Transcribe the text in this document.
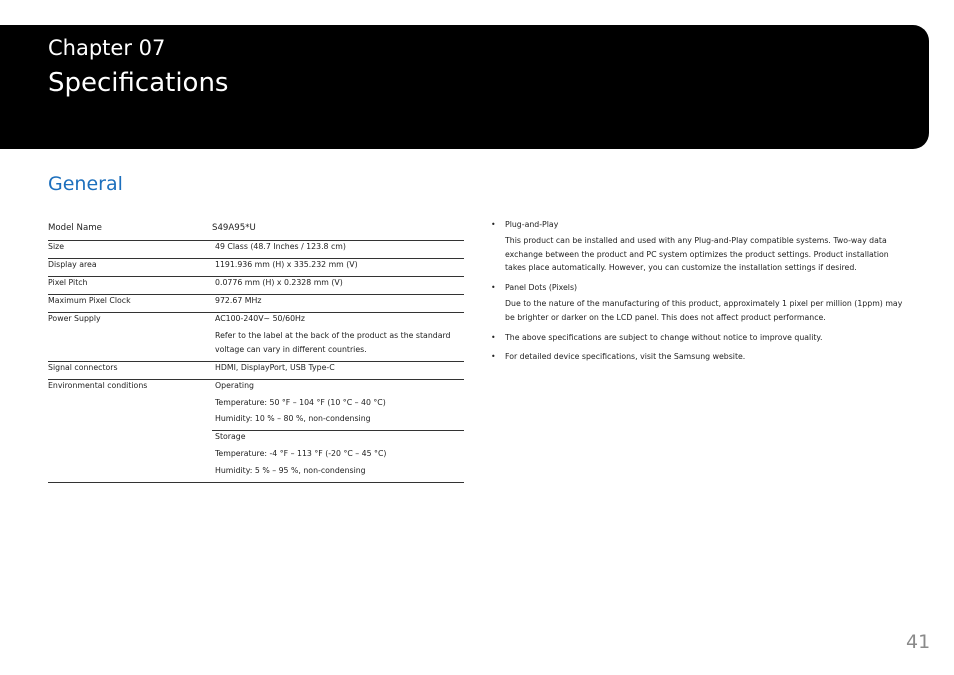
Chapter 07
Specifications
General
Model Name	S49A95*U
Size	49 Class (48.7 Inches / 123.8 cm)
Display area	1191.936 mm (H) x 335.232 mm (V)
Pixel Pitch	0.0776 mm (H) x 0.2328 mm (V)
Maximum Pixel Clock	972.67 MHz
Power Supply	AC100-240V~ 50/60Hz
Refer to the label at the back of the product as the standard voltage can vary in different countries.
Signal connectors	HDMI, DisplayPort, USB Type-C
Environmental conditions	Operating
Temperature: 50 °F – 104 °F (10 °C – 40 °C)
Humidity: 10 % – 80 %, non-condensing
Storage
Temperature: -4 °F – 113 °F (-20 °C – 45 °C)
Humidity: 5 % – 95 %, non-condensing
• Plug-and-Play
This product can be installed and used with any Plug-and-Play compatible systems. Two-way data exchange between the product and PC system optimizes the product settings. Product installation takes place automatically. However, you can customize the installation settings if desired.
• Panel Dots (Pixels)
Due to the nature of the manufacturing of this product, approximately 1 pixel per million (1ppm) may be brighter or darker on the LCD panel. This does not affect product performance.
• The above specifications are subject to change without notice to improve quality.
• For detailed device specifications, visit the Samsung website.
41
